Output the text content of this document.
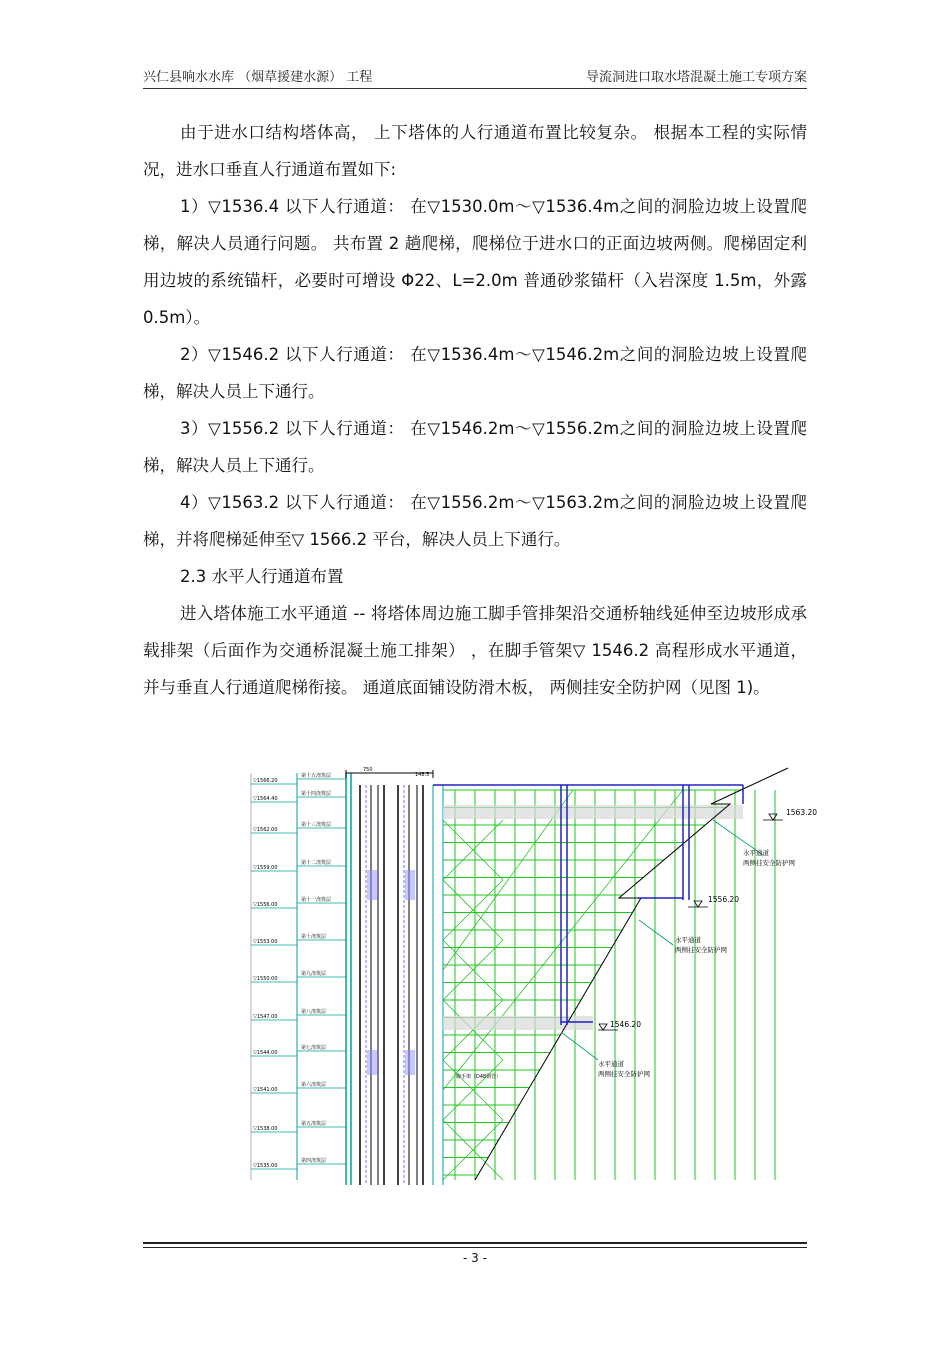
兴仁县响水水库 （烟草援建水源） 工程	导流洞进口取水塔混凝土施工专项方案

由于进水口结构塔体高， 上下塔体的人行通道布置比较复杂。 根据本工程的实际情况，进水口垂直人行通道布置如下:

1）▽1536.4 以下人行通道： 在▽1530.0m～▽1536.4m之间的洞脸边坡上设置爬梯，解决人员通行问题。 共布置 2 趟爬梯，爬梯位于进水口的正面边坡两侧。爬梯固定利用边坡的系统锚杆，必要时可增设 Φ22、L=2.0m 普通砂浆锚杆（入岩深度 1.5m，外露 0.5m）。

2）▽1546.2 以下人行通道： 在▽1536.4m～▽1546.2m之间的洞脸边坡上设置爬梯，解决人员上下通行。

3）▽1556.2 以下人行通道： 在▽1546.2m～▽1556.2m之间的洞脸边坡上设置爬梯，解决人员上下通行。

4）▽1563.2 以下人行通道： 在▽1556.2m～▽1563.2m之间的洞脸边坡上设置爬梯，并将爬梯延伸至▽ 1566.2 平台，解决人员上下通行。

2.3 水平人行通道布置

进入塔体施工水平通道 -- 将塔体周边施工脚手管排架沿交通桥轴线延伸至边坡形成承载排架（后面作为交通桥混凝土施工排架） ，在脚手管架▽ 1546.2 高程形成水平通道， 并与垂直人行通道爬梯衔接。 通道底面铺设防滑木板， 两侧挂安全防护网（见图 1)。

750
148.5
▽1566.20
第十五浇筑层
▽1564.40
第十四浇筑层
▽1562.00
第十三浇筑层
▽1559.00
第十二浇筑层
▽1556.00
第十一浇筑层
▽1553.00
第十浇筑层
▽1550.00
第九浇筑层
▽1547.00
第八浇筑层
▽1544.00
第七浇筑层
▽1541.00
第六浇筑层
▽1538.00
第五浇筑层
▽1535.00
第四浇筑层
1563.20
1556.20
1546.20
水平通道
两侧挂安全防护网
水平通道
两侧挂安全防护网
水平通道
两侧挂安全防护网
脚手架（D48钢管）
- 3 -
